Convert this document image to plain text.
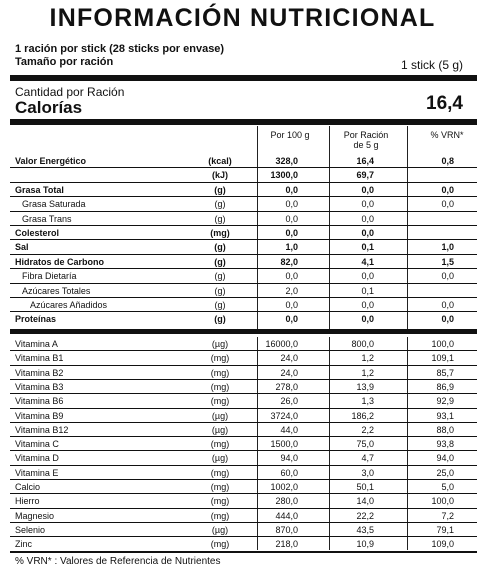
INFORMACIÓN NUTRICIONAL
1 ración por stick (28 sticks por envase)
Tamaño por ración	1 stick (5 g)
Cantidad por Ración
Calorías	16,4
Por 100 g	Por Ración
de 5 g
% VRN*
Valor Energético	(kcal)	328,0	16,4	0,8
(kJ)	1300,0	69,7
Grasa Total	(g)	0,0	0,0	0,0
Grasa Saturada	(g)	0,0	0,0	0,0
Grasa Trans	(g)	0,0	0,0
Colesterol	(mg)	0,0	0,0
Sal	(g)	1,0	0,1	1,0
Hidratos de Carbono	(g)	82,0	4,1	1,5
Fibra Dietaría	(g)	0,0	0,0	0,0
Azúcares Totales	(g)	2,0	0,1
Azúcares Añadidos	(g)	0,0	0,0	0,0
Proteínas	(g)	0,0	0,0	0,0
Vitamina A	(µg)	16000,0	800,0	100,0
Vitamina B1	(mg)	24,0	1,2	109,1
Vitamina B2	(mg)	24,0	1,2	85,7
Vitamina B3	(mg)	278,0	13,9	86,9
Vitamina B6	(mg)	26,0	1,3	92,9
Vitamina B9	(µg)	3724,0	186,2	93,1
Vitamina B12	(µg)	44,0	2,2	88,0
Vitamina C	(mg)	1500,0	75,0	93,8
Vitamina D	(µg)	94,0	4,7	94,0
Vitamina E	(mg)	60,0	3,0	25,0
Calcio	(mg)	1002,0	50,1	5,0
Hierro	(mg)	280,0	14,0	100,0
Magnesio	(mg)	444,0	22,2	7,2
Selenio	(µg)	870,0	43,5	79,1
Zinc	(mg)	218,0	10,9	109,0
% VRN* : Valores de Referencia de Nutrientes
